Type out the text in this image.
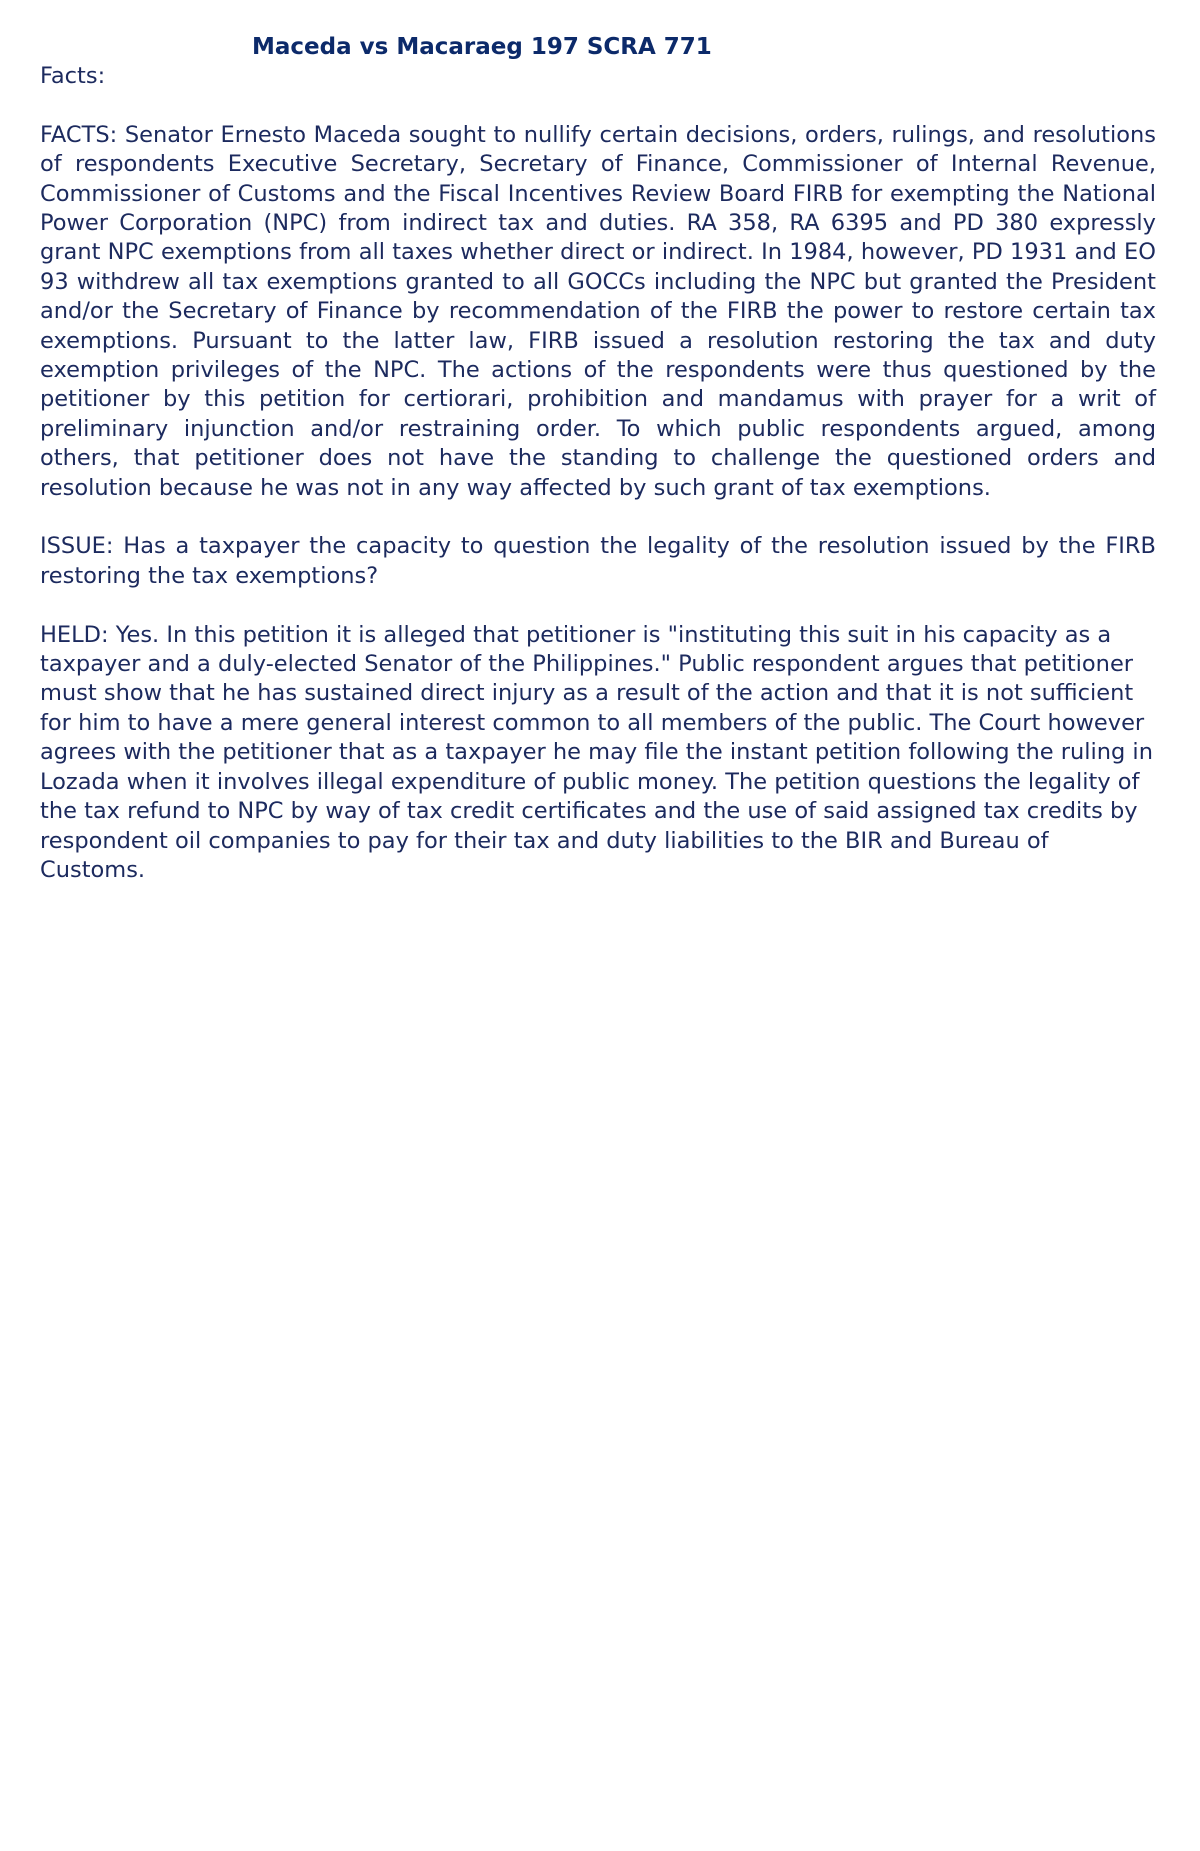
Maceda vs Macaraeg 197 SCRA 771
Facts:

FACTS: Senator Ernesto Maceda sought to nullify certain decisions, orders, rulings, and resolutions of respondents Executive Secretary, Secretary of Finance, Commissioner of Internal Revenue, Commissioner of Customs and the Fiscal Incentives Review Board FIRB for exempting the National Power Corporation (NPC) from indirect tax and duties. RA 358, RA 6395 and PD 380 expressly grant NPC exemptions from all taxes whether direct or indirect. In 1984, however, PD 1931 and EO 93 withdrew all tax exemptions granted to all GOCCs including the NPC but granted the President and/or the Secretary of Finance by recommendation of the FIRB the power to restore certain tax exemptions. Pursuant to the latter law, FIRB issued a resolution restoring the tax and duty exemption privileges of the NPC. The actions of the respondents were thus questioned by the petitioner by this petition for certiorari, prohibition and mandamus with prayer for a writ of preliminary injunction and/or restraining order. To which public respondents argued, among others, that petitioner does not have the standing to challenge the questioned orders and resolution because he was not in any way affected by such grant of tax exemptions.

ISSUE: Has a taxpayer the capacity to question the legality of the resolution issued by the FIRB restoring the tax exemptions?

HELD: Yes. In this petition it is alleged that petitioner is "instituting this suit in his capacity as a taxpayer and a duly-elected Senator of the Philippines." Public respondent argues that petitioner must show that he has sustained direct injury as a result of the action and that it is not sufficient for him to have a mere general interest common to all members of the public. The Court however agrees with the petitioner that as a taxpayer he may file the instant petition following the ruling in Lozada when it involves illegal expenditure of public money. The petition questions the legality of the tax refund to NPC by way of tax credit certificates and the use of said assigned tax credits by respondent oil companies to pay for their tax and duty liabilities to the BIR and Bureau of Customs.
